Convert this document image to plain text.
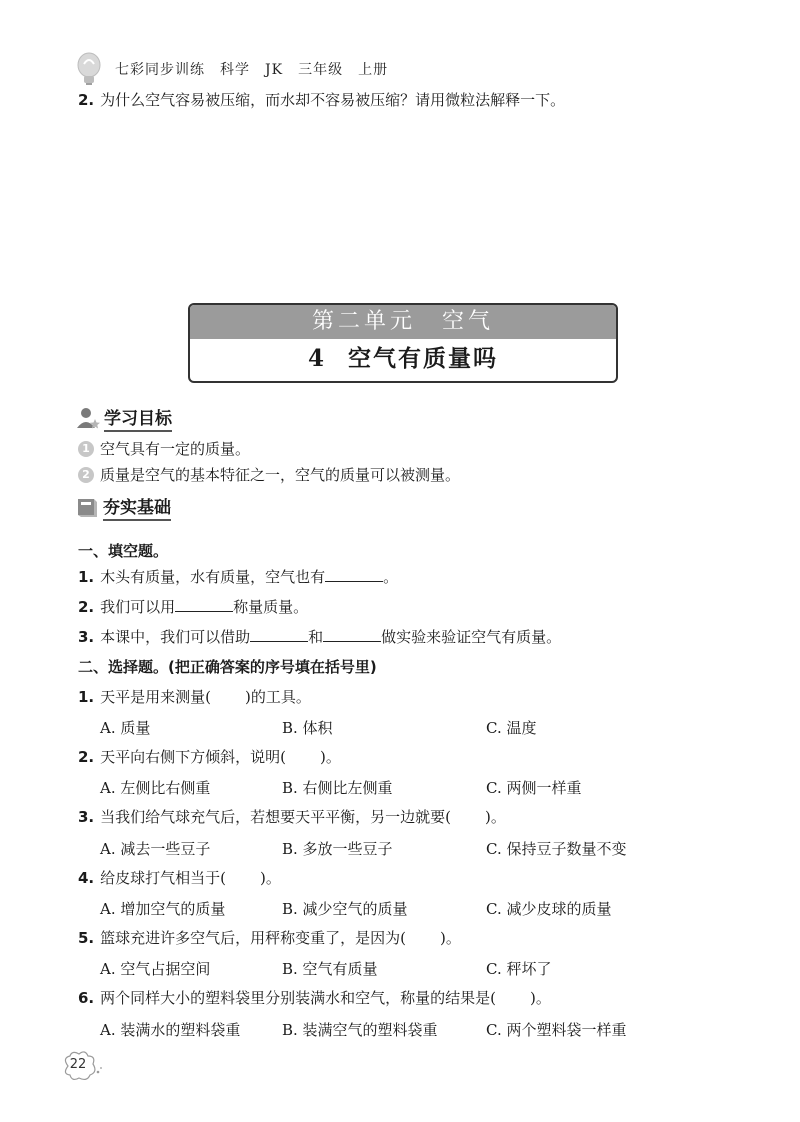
七彩同步训练　科学　JK　三年级　上册
2. 为什么空气容易被压缩，而水却不容易被压缩？请用微粒法解释一下。
第二单元　空气
4 空气有质量吗
学习目标
1 空气具有一定的质量。
2 质量是空气的基本特征之一，空气的质量可以被测量。
夯实基础
一、填空题。
1. 木头有质量，水有质量，空气也有	。
2. 我们可以用	称量质量。
3. 本课中，我们可以借助	和	做实验来验证空气有质量。
二、选择题。(把正确答案的序号填在括号里)
1. 天平是用来测量( )的工具。
A. 质量	B. 体积	C. 温度
2. 天平向右侧下方倾斜，说明( )。
A. 左侧比右侧重	B. 右侧比左侧重	C. 两侧一样重
3. 当我们给气球充气后，若想要天平平衡，另一边就要( )。
A. 减去一些豆子	B. 多放一些豆子	C. 保持豆子数量不变
4. 给皮球打气相当于( )。
A. 增加空气的质量	B. 减少空气的质量	C. 减少皮球的质量
5. 篮球充进许多空气后，用秤称变重了，是因为( )。
A. 空气占据空间	B. 空气有质量	C. 秤坏了
6. 两个同样大小的塑料袋里分别装满水和空气，称量的结果是( )。
A. 装满水的塑料袋重	B. 装满空气的塑料袋重	C. 两个塑料袋一样重
22
